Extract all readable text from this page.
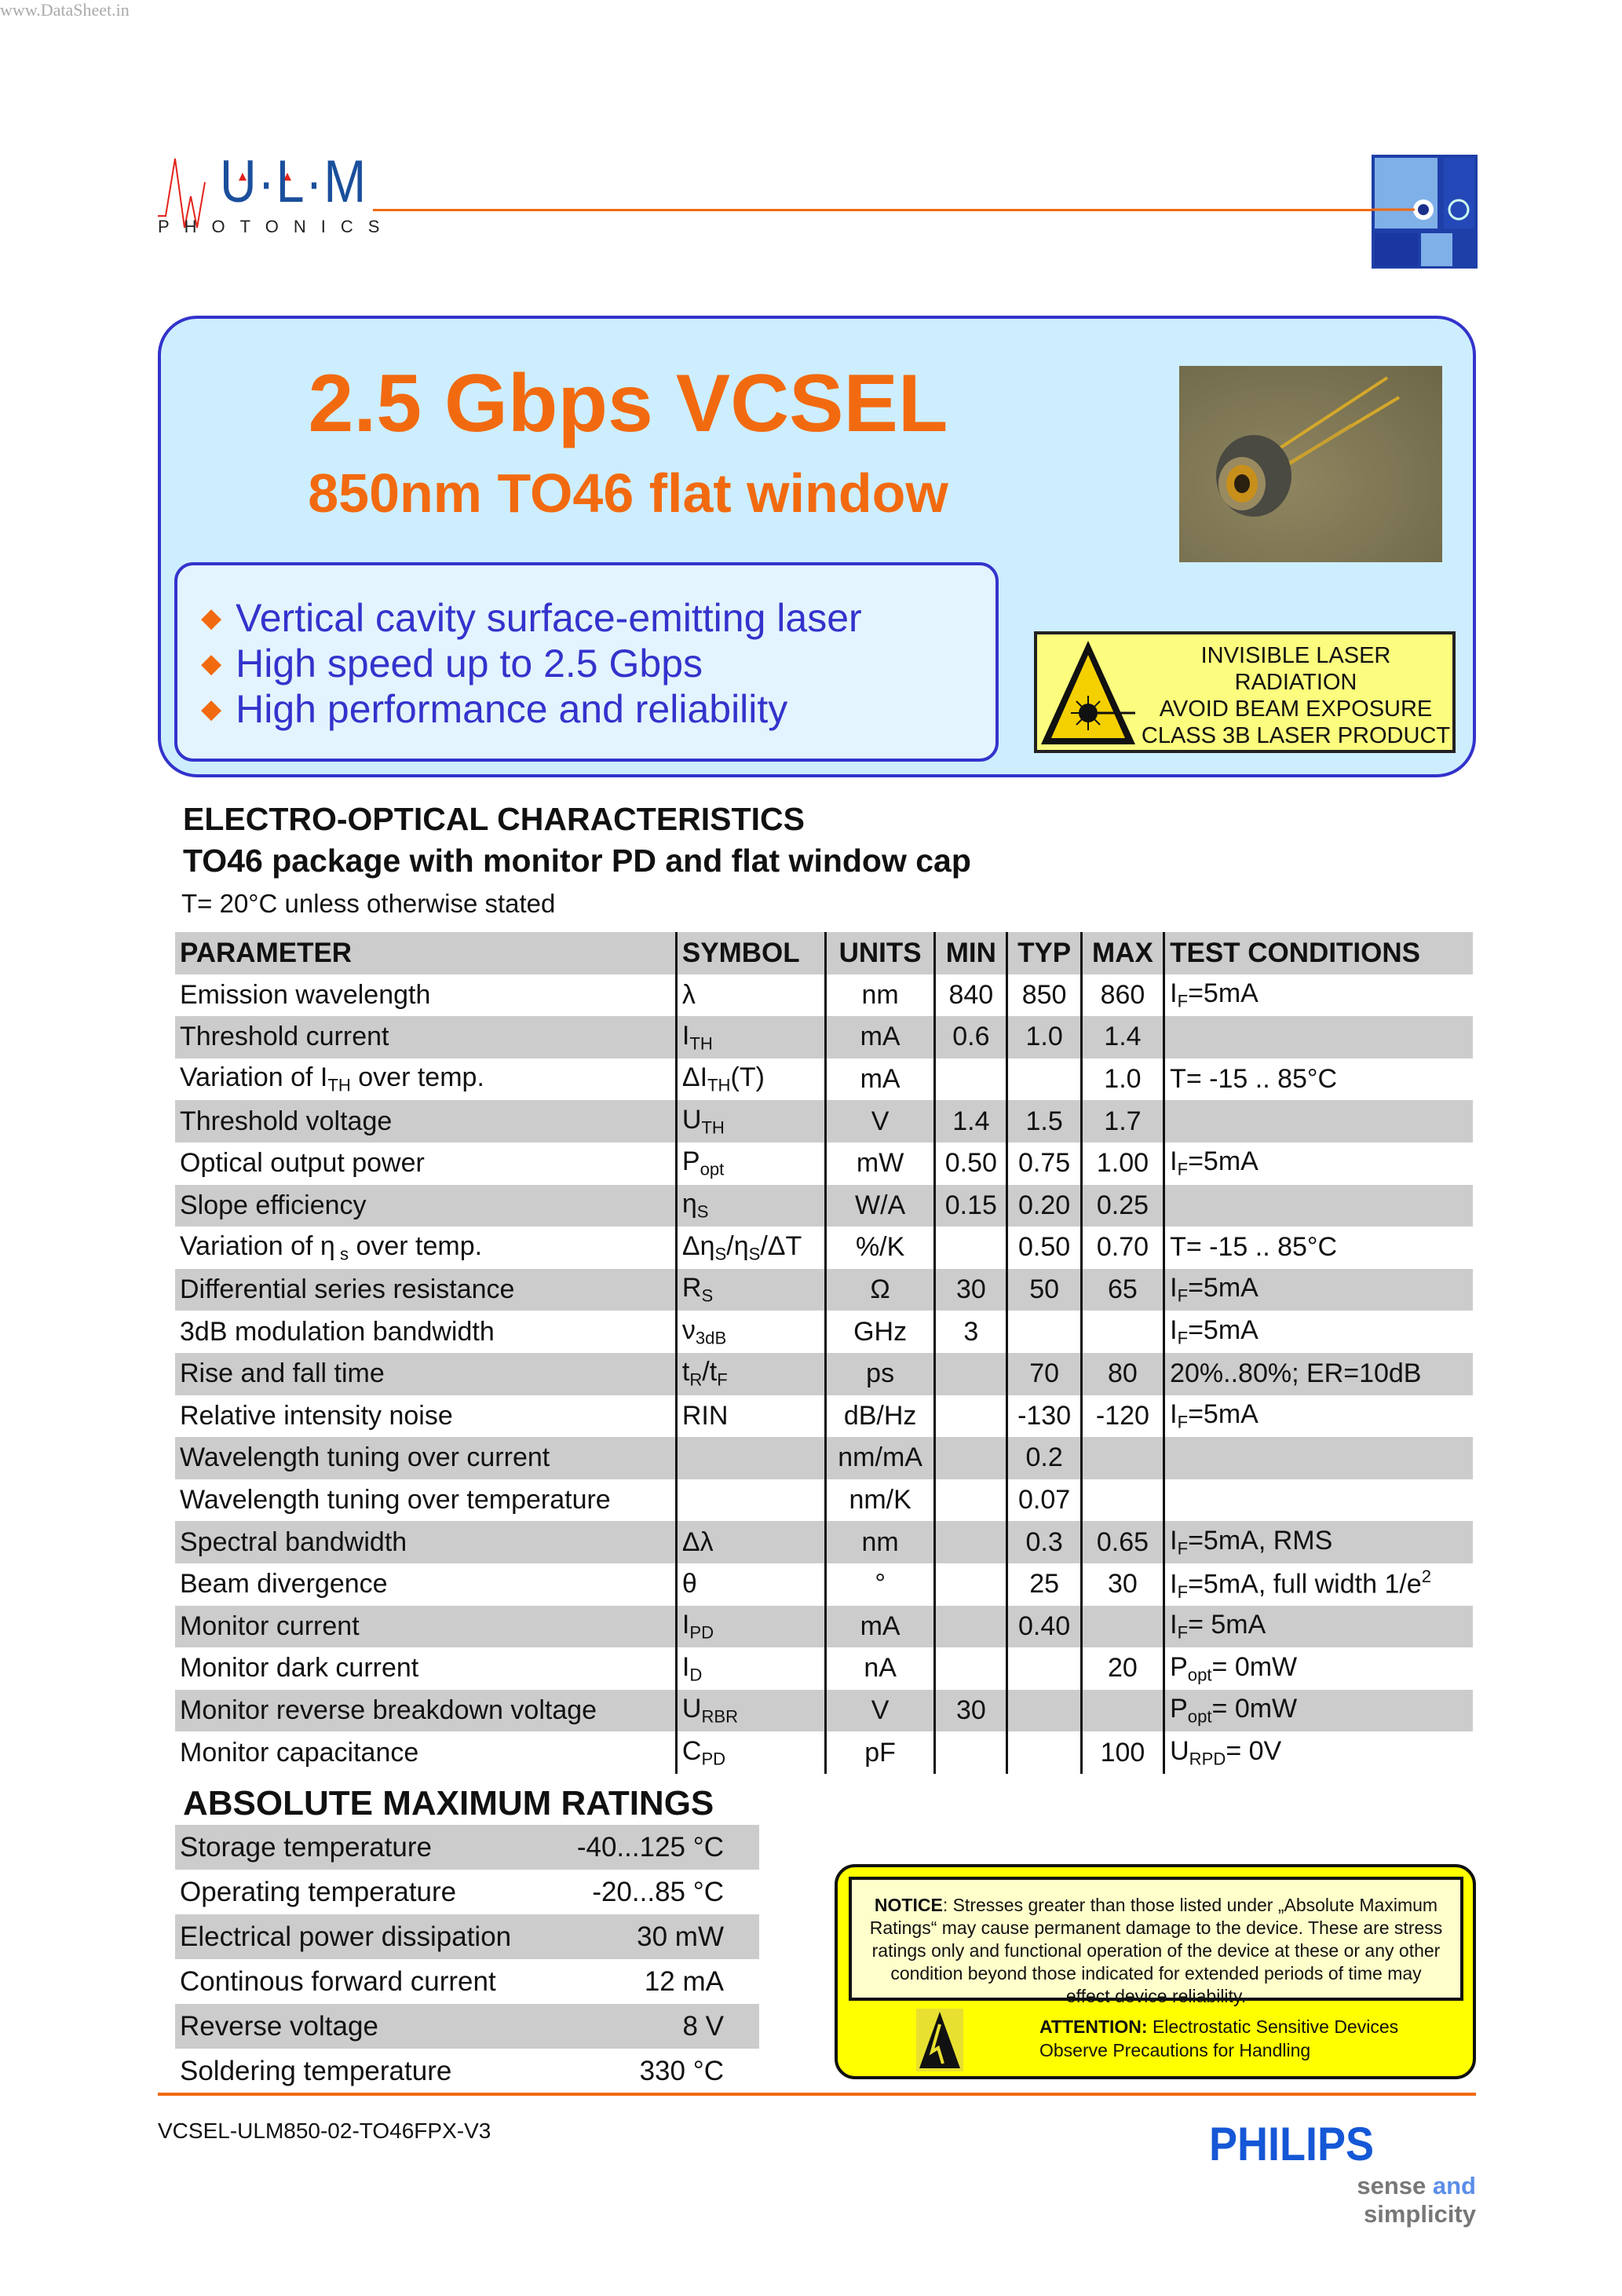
www.DataSheet.in
U·L·M
PHOTONICS
2.5 Gbps VCSEL
850nm TO46 flat window
◆ Vertical cavity surface-emitting laser
◆ High speed up to 2.5 Gbps
◆ High performance and reliability
INVISIBLE LASER RADIATION
AVOID BEAM EXPOSURE
CLASS 3B LASER PRODUCT
ELECTRO-OPTICAL CHARACTERISTICS
TO46 package with monitor PD and flat window cap
T= 20°C unless otherwise stated
PARAMETER	SYMBOL	UNITS	MIN	TYP	MAX	TEST CONDITIONS
Emission wavelength	λ	nm	840	850	860	$I_F=5mA$
Threshold current	$I_{TH}$	mA	0.6	1.0	1.4	
Variation of $I_{TH}$ over temp.	$\Delta I_{TH}(T)$	mA			1.0	T= -15 .. 85°C
Threshold voltage	$U_{TH}$	V	1.4	1.5	1.7	
Optical output power	$P_{opt}$	mW	0.50	0.75	1.00	$I_F=5mA$
Slope efficiency	$\eta_S$	W/A	0.15	0.20	0.25	
Variation of η $_s$ over temp.	$\Delta\eta_S/\eta_S/\Delta T$	%/K		0.50	0.70	T= -15 .. 85°C
Differential series resistance	$R_S$	Ω	30	50	65	$I_F=5mA$
3dB modulation bandwidth	$\nu_{3dB}$	GHz	3			$I_F=5mA$
Rise and fall time	$t_R/t_F$	ps		70	80	20%..80%; ER=10dB
Relative intensity noise	RIN	dB/Hz		-130	-120	$I_F=5mA$
Wavelength tuning over current		nm/mA		0.2		
Wavelength tuning over temperature		nm/K		0.07		
Spectral bandwidth	Δλ	nm		0.3	0.65	$I_F=5mA$, RMS
Beam divergence	θ	°		25	30	$I_F=5mA$, full width $1/e^2$
Monitor current	$I_{PD}$	mA		0.40		$I_F= 5mA$
Monitor dark current	$I_D$	nA			20	$P_{opt}= 0mW$
Monitor reverse breakdown voltage	$U_{RBR}$	V	30			$P_{opt}= 0mW$
Monitor capacitance	$C_{PD}$	pF			100	$U_{RPD}= 0V$
ABSOLUTE MAXIMUM RATINGS
Storage temperature	-40...125 °C
Operating temperature	-20...85 °C
Electrical power dissipation	30 mW
Continous forward current	12 mA
Reverse voltage	8 V
Soldering temperature	330 °C
NOTICE: Stresses greater than those listed under „Absolute Maximum Ratings“ may cause permanent damage to the device. These are stress ratings only and functional operation of the device at these or any other condition beyond those indicated for extended periods of time may effect device reliability.
ATTENTION: Electrostatic Sensitive Devices
Observe Precautions for Handling
VCSEL-ULM850-02-TO46FPX-V3	PHILIPS
sense and simplicity
